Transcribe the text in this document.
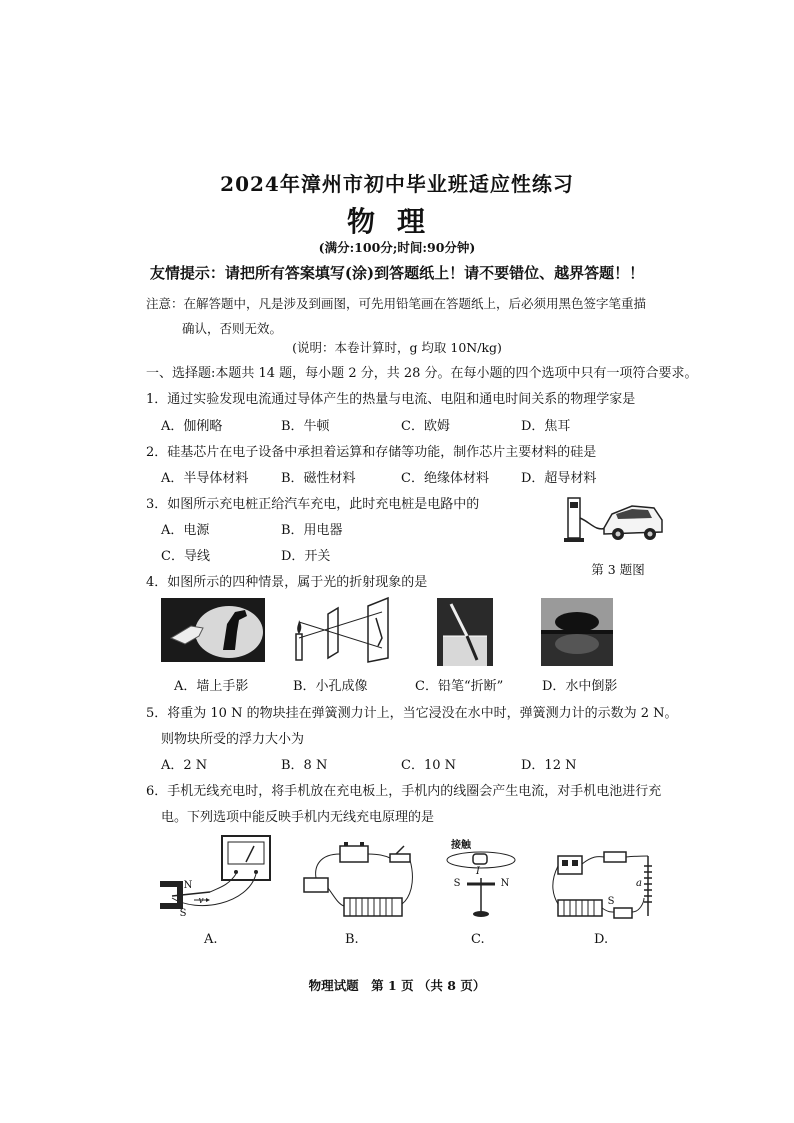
2024年漳州市初中毕业班适应性练习
物理
(满分:100分;时间:90分钟)
友情提示：请把所有答案填写(涂)到答题纸上！请不要错位、越界答题！！
注意：在解答题中，凡是涉及到画图，可先用铅笔画在答题纸上，后必须用黑色签字笔重描
确认，否则无效。
(说明：本卷计算时，g 均取 10N/kg)
一、选择题:本题共 14 题，每小题 2 分，共 28 分。在每小题的四个选项中只有一项符合要求。
1．通过实验发现电流通过导体产生的热量与电流、电阻和通电时间关系的物理学家是
A．伽俐略	B．牛顿	C．欧姆	D．焦耳
2．硅基芯片在电子设备中承担着运算和存储等功能，制作芯片主要材料的硅是
A．半导体材料	B．磁性材料	C．绝缘体材料 D．超导材料
3．如图所示充电桩正给汽车充电，此时充电桩是电路中的
A．电源	B．用电器
C．导线	D．开关
第 3 题图
4．如图所示的四种情景，属于光的折射现象的是
A．墙上手影	B．小孔成像	C．铅笔“折断”	D．水中倒影
5．将重为 10 N 的物块挂在弹簧测力计上，当它浸没在水中时，弹簧测力计的示数为 2 N。
则物块所受的浮力大小为
A．2 N	B．8 N	C．10 N	D．12 N
6．手机无线充电时，将手机放在充电板上，手机内的线圈会产生电流，对手机电池进行充
电。下列选项中能反映手机内无线充电原理的是
N
S
v
接触
I
S	N
S
a
A.	B.	C.	D.
物理试题　第 1 页 （共 8 页）
